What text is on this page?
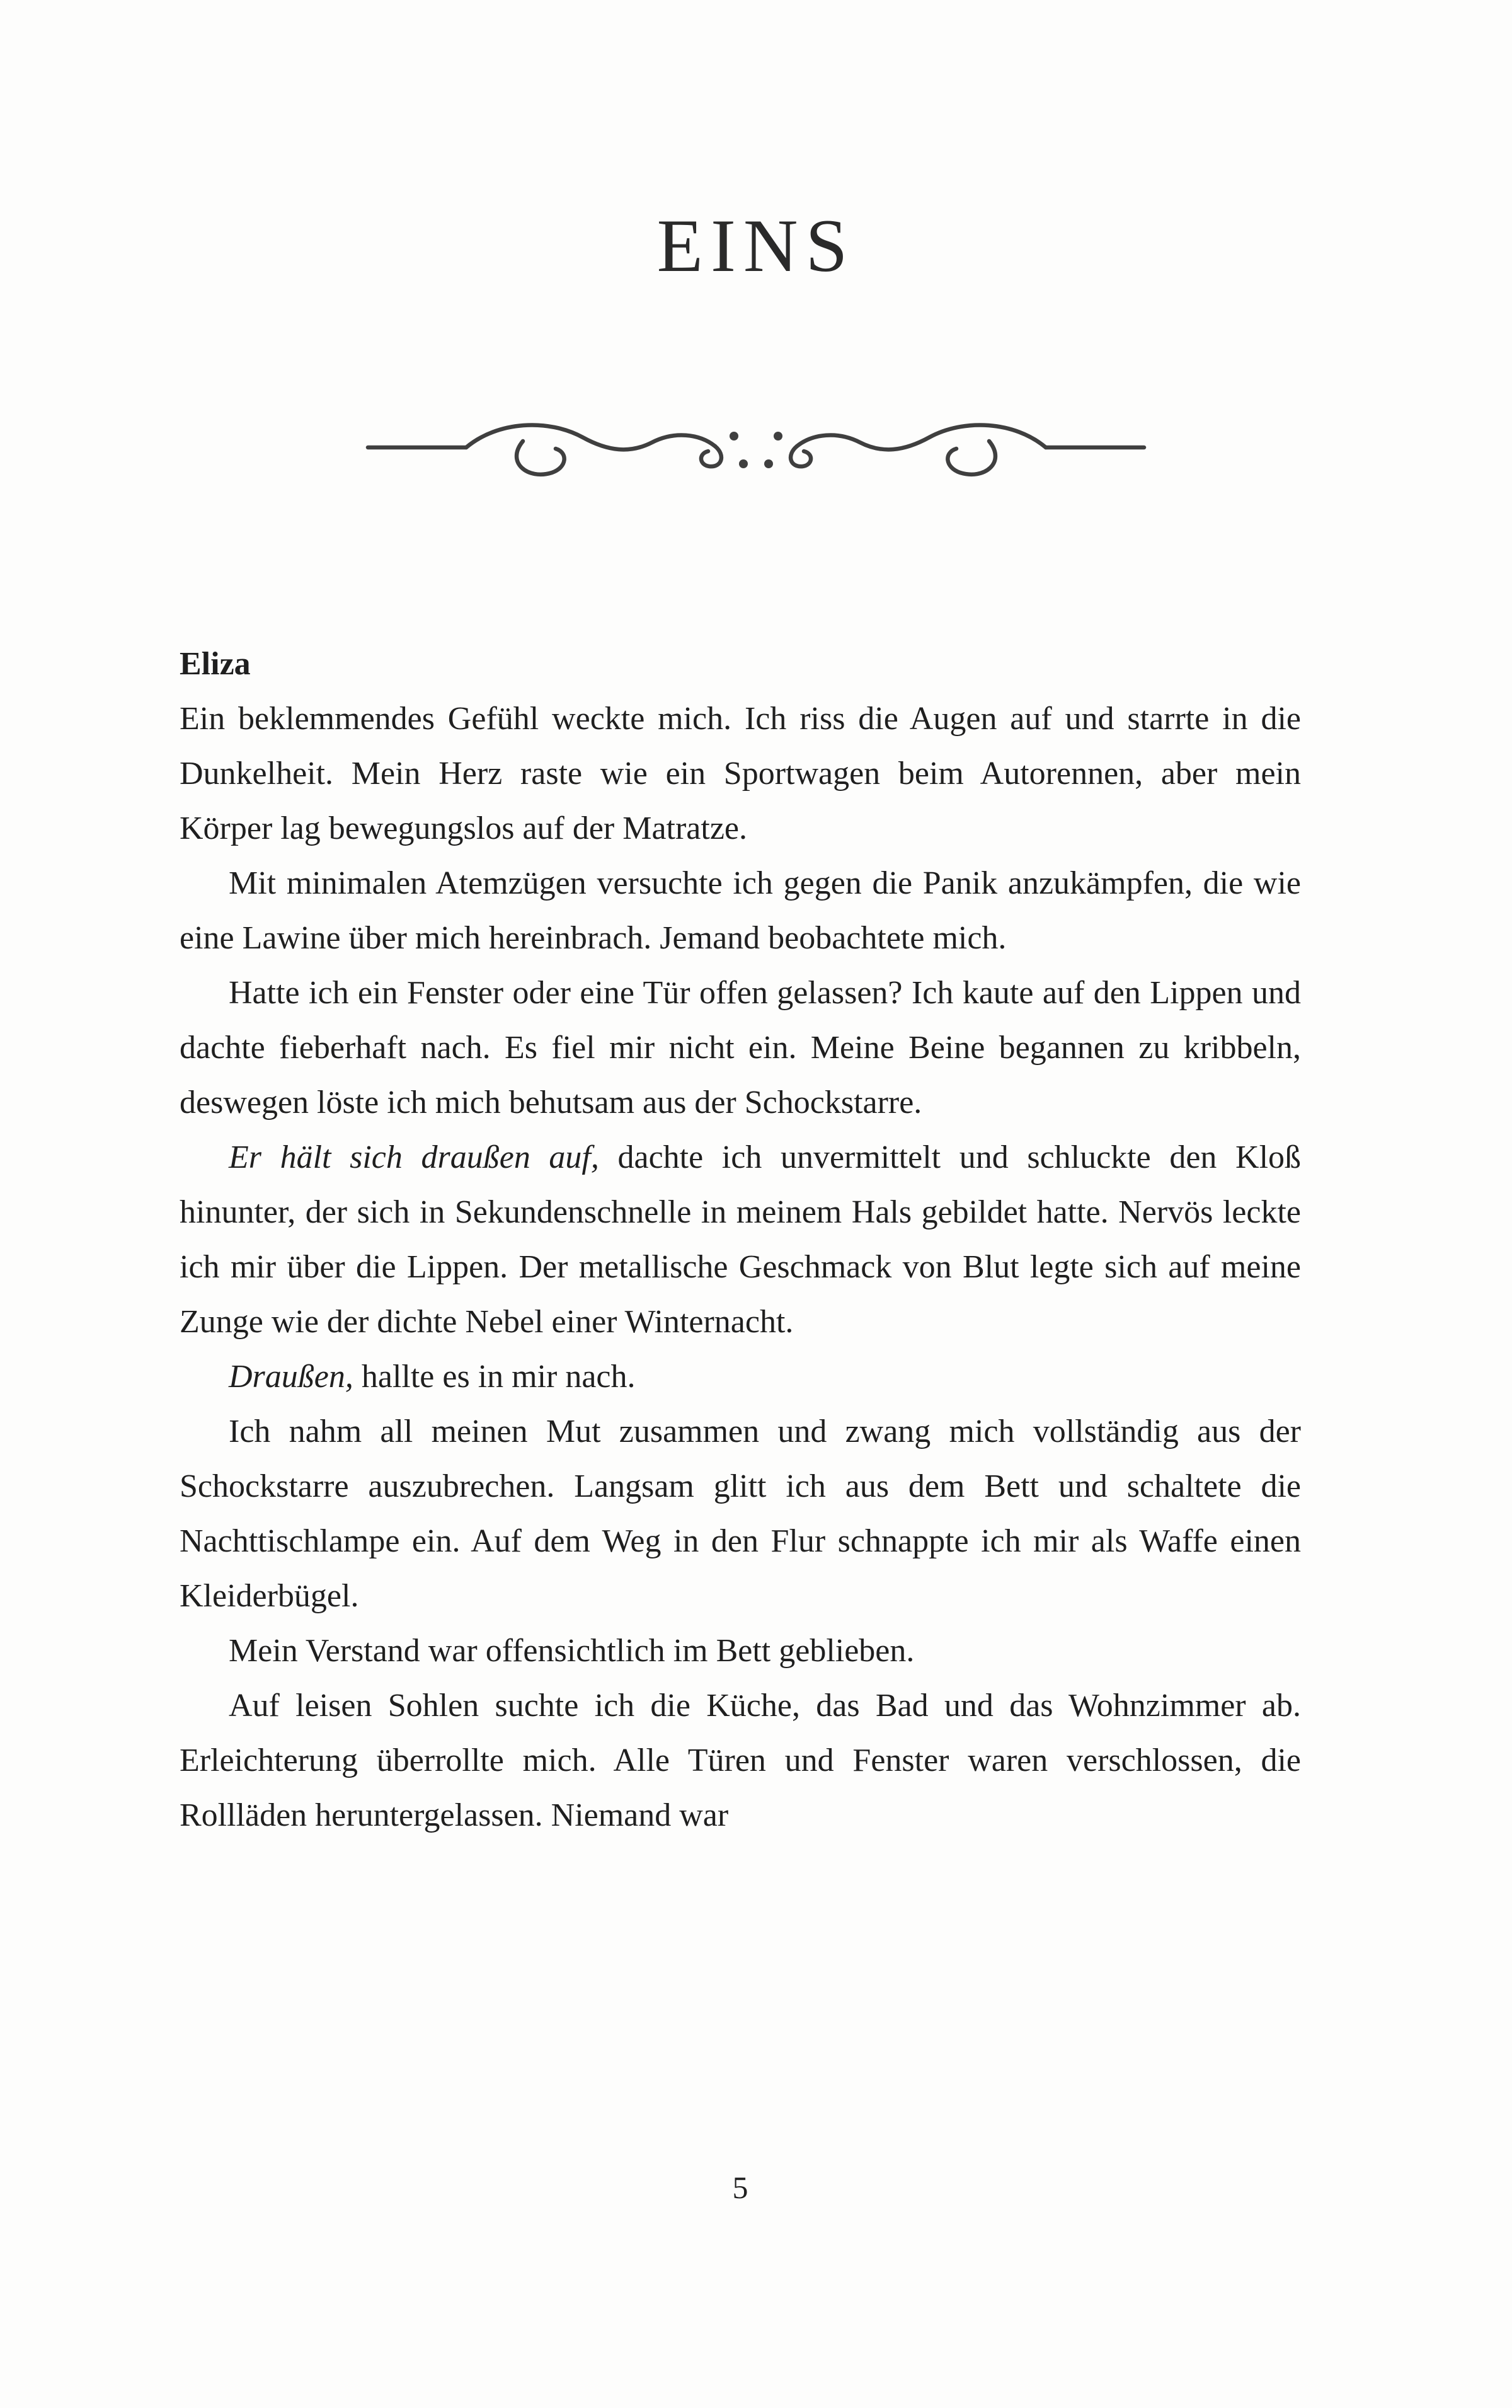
EINS

Eliza

Ein beklemmendes Gefühl weckte mich. Ich riss die Augen auf und starrte in die Dunkelheit. Mein Herz raste wie ein Sportwagen beim Autorennen, aber mein Körper lag bewegungslos auf der Matratze.

Mit minimalen Atemzügen versuchte ich gegen die Panik anzukämpfen, die wie eine Lawine über mich hereinbrach. Jemand beobachtete mich.

Hatte ich ein Fenster oder eine Tür offen gelassen? Ich kaute auf den Lippen und dachte fieberhaft nach. Es fiel mir nicht ein. Meine Beine begannen zu kribbeln, deswegen löste ich mich behutsam aus der Schockstarre.

Er hält sich draußen auf, dachte ich unvermittelt und schluckte den Kloß hinunter, der sich in Sekundenschnelle in meinem Hals gebildet hatte. Nervös leckte ich mir über die Lippen. Der metallische Geschmack von Blut legte sich auf meine Zunge wie der dichte Nebel einer Winternacht.

Draußen, hallte es in mir nach.

Ich nahm all meinen Mut zusammen und zwang mich vollständig aus der Schockstarre auszubrechen. Langsam glitt ich aus dem Bett und schaltete die Nachttischlampe ein. Auf dem Weg in den Flur schnappte ich mir als Waffe einen Kleiderbügel.

Mein Verstand war offensichtlich im Bett geblieben.

Auf leisen Sohlen suchte ich die Küche, das Bad und das Wohnzimmer ab. Erleichterung überrollte mich. Alle Türen und Fenster waren verschlossen, die Rollläden heruntergelassen. Niemand war

5
